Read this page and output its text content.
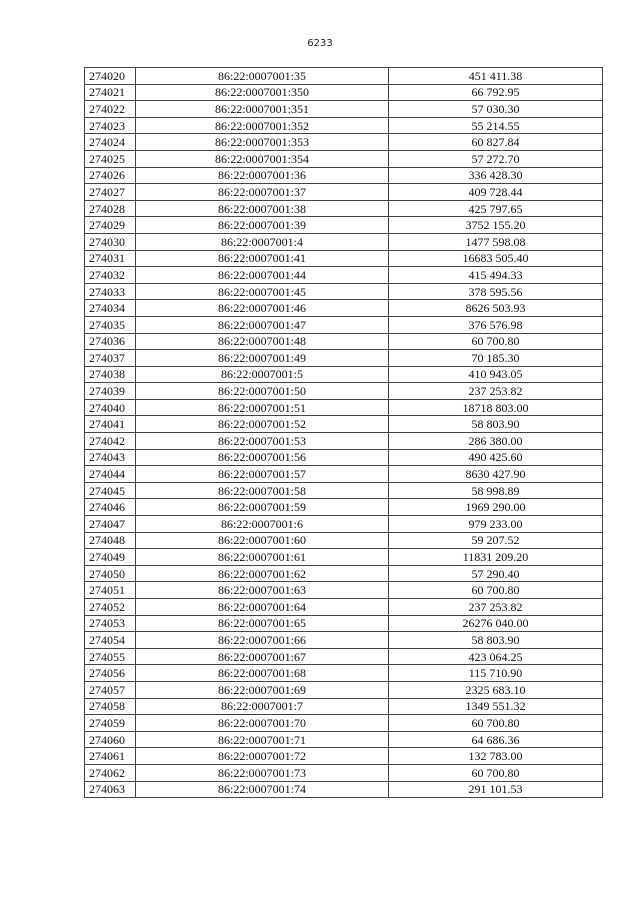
6233
274020	86:22:0007001:35	451 411.38
274021	86:22:0007001:350	66 792.95
274022	86:22:0007001:351	57 030.30
274023	86:22:0007001:352	55 214.55
274024	86:22:0007001:353	60 827.84
274025	86:22:0007001:354	57 272.70
274026	86:22:0007001:36	336 428.30
274027	86:22:0007001:37	409 728.44
274028	86:22:0007001:38	425 797.65
274029	86:22:0007001:39	3752 155.20
274030	86:22:0007001:4	1477 598.08
274031	86:22:0007001:41	16683 505.40
274032	86:22:0007001:44	415 494.33
274033	86:22:0007001:45	378 595.56
274034	86:22:0007001:46	8626 503.93
274035	86:22:0007001:47	376 576.98
274036	86:22:0007001:48	60 700.80
274037	86:22:0007001:49	70 185.30
274038	86:22:0007001:5	410 943.05
274039	86:22:0007001:50	237 253.82
274040	86:22:0007001:51	18718 803.00
274041	86:22:0007001:52	58 803.90
274042	86:22:0007001:53	286 380.00
274043	86:22:0007001:56	490 425.60
274044	86:22:0007001:57	8630 427.90
274045	86:22:0007001:58	58 998.89
274046	86:22:0007001:59	1969 290.00
274047	86:22:0007001:6	979 233.00
274048	86:22:0007001:60	59 207.52
274049	86:22:0007001:61	11831 209.20
274050	86:22:0007001:62	57 290.40
274051	86:22:0007001:63	60 700.80
274052	86:22:0007001:64	237 253.82
274053	86:22:0007001:65	26276 040.00
274054	86:22:0007001:66	58 803.90
274055	86:22:0007001:67	423 064.25
274056	86:22:0007001:68	115 710.90
274057	86:22:0007001:69	2325 683.10
274058	86:22:0007001:7	1349 551.32
274059	86:22:0007001:70	60 700.80
274060	86:22:0007001:71	64 686.36
274061	86:22:0007001:72	132 783.00
274062	86:22:0007001:73	60 700.80
274063	86:22:0007001:74	291 101.53
